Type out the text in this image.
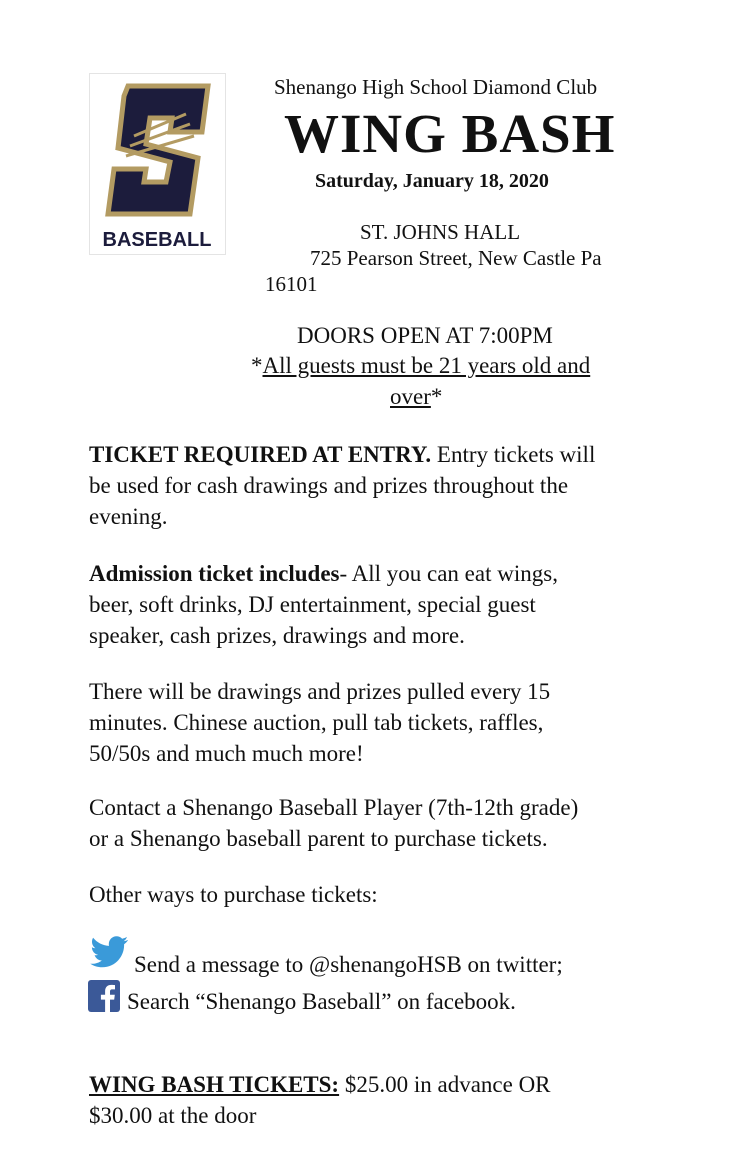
BASEBALL
Shenango High School Diamond Club
WING BASH
Saturday, January 18, 2020
ST. JOHNS HALL
725 Pearson Street, New Castle Pa
16101
DOORS OPEN AT 7:00PM
*All guests must be 21 years old and
over*
TICKET REQUIRED AT ENTRY. Entry tickets will
be used for cash drawings and prizes throughout the
evening.
Admission ticket includes- All you can eat wings,
beer, soft drinks, DJ entertainment, special guest
speaker, cash prizes, drawings and more.
There will be drawings and prizes pulled every 15
minutes. Chinese auction, pull tab tickets, raffles,
50/50s and much much more!
Contact a Shenango Baseball Player (7th-12th grade)
or a Shenango baseball parent to purchase tickets.
Other ways to purchase tickets:
Send a message to @shenangoHSB on twitter;
Search “Shenango Baseball” on facebook.
WING BASH TICKETS: $25.00 in advance OR
$30.00 at the door
